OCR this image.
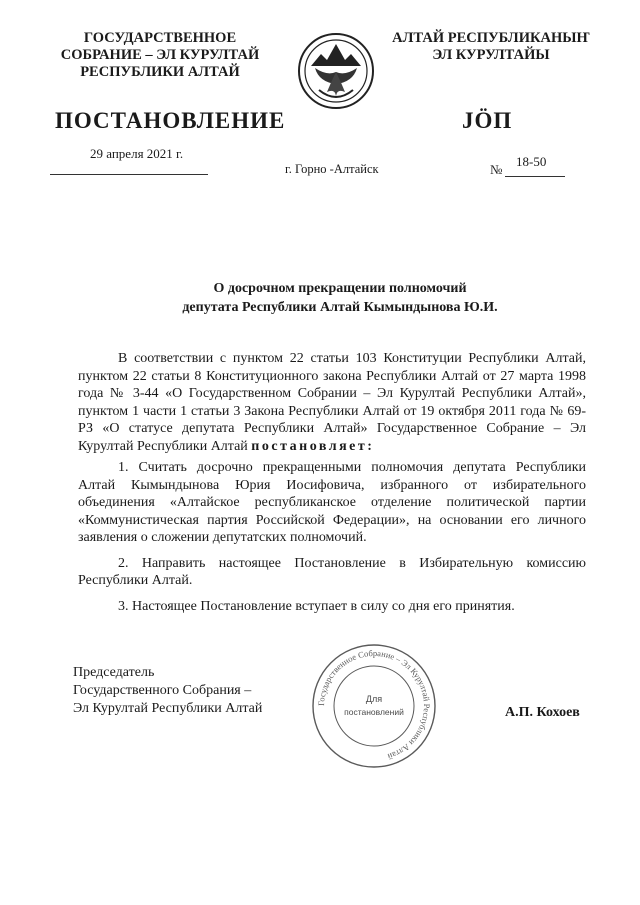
ГОСУДАРСТВЕННОЕ
СОБРАНИЕ – ЭЛ КУРУЛТАЙ
РЕСПУБЛИКИ АЛТАЙ
АЛТАЙ РЕСПУБЛИКАНЫҤ
ЭЛ КУРУЛТАЙЫ
ПОСТАНОВЛЕНИЕ	ЈӦП
29 апреля 2021 г.
г. Горно -Алтайск	№
18-50
О досрочном прекращении полномочий
депутата Республики Алтай Кымындынова Ю.И.

В соответствии с пунктом 22 статьи 103 Конституции Республики Алтай, пунктом 22 статьи 8 Конституционного закона Республики Алтай от 27 марта 1998 года № 3-44 «О Государственном Собрании – Эл Курултай Республики Алтай», пунктом 1 части 1 статьи 3 Закона Республики Алтай от 19 октября 2011 года № 69-РЗ «О статусе депутата Республики Алтай» Государственное Собрание – Эл Курултай Республики Алтай постановляет:

1. Считать досрочно прекращенными полномочия депутата Республики Алтай Кымындынова Юрия Иосифовича, избранного от избирательного объединения «Алтайское республиканское отделение политической партии «Коммунистическая партия Российской Федерации», на основании его личного заявления о сложении депутатских полномочий.

2. Направить настоящее Постановление в Избирательную комиссию Республики Алтай.

3. Настоящее Постановление вступает в силу со дня его принятия.

Председатель
Государственного Собрания –
Эл Курултай Республики Алтай	Государственное Собрание – Эл Курултай Республики Алтай
Для
постановлений	А.П. Кохоев
